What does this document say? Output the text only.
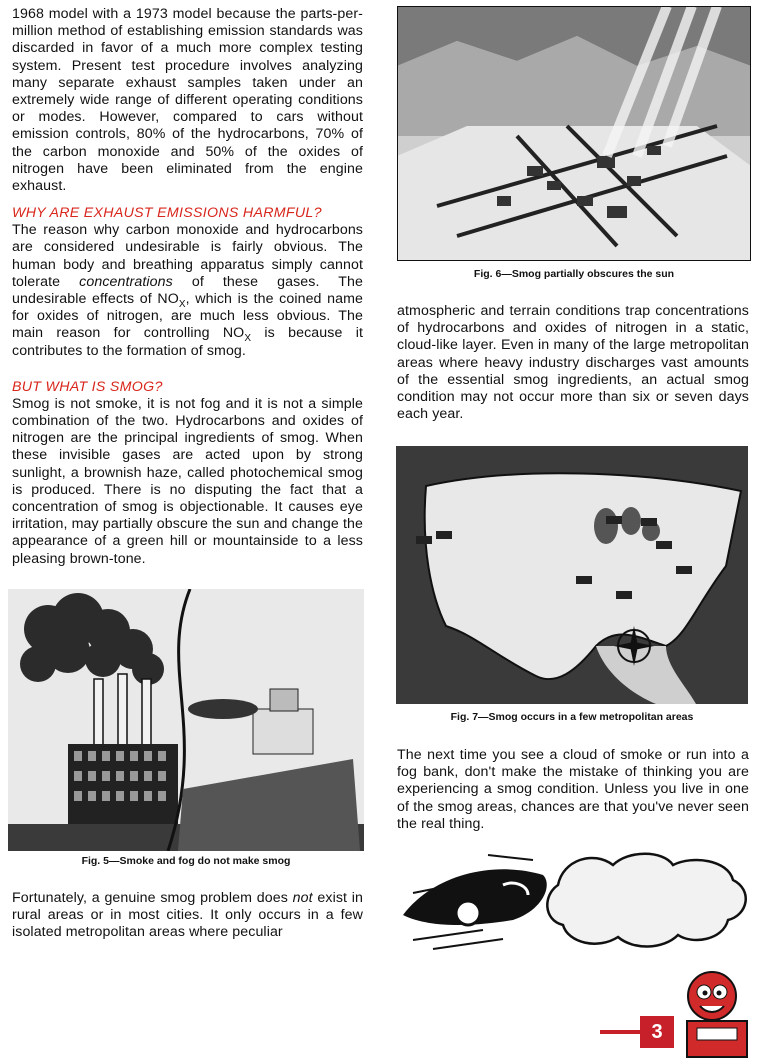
1968 model with a 1973 model because the parts-per-million method of establishing emission standards was discarded in favor of a much more complex testing system. Present test procedure involves analyzing many separate exhaust samples taken under an extremely wide range of different operating conditions or modes. However, compared to cars without emission controls, 80% of the hydrocarbons, 70% of the carbon monoxide and 50% of the oxides of nitrogen have been eliminated from the engine exhaust.

WHY ARE EXHAUST EMISSIONS HARMFUL?

The reason why carbon monoxide and hydrocarbons are considered undesirable is fairly obvious. The human body and breathing apparatus simply cannot tolerate concentrations of these gases. The undesirable effects of $NO_X$, which is the coined name for oxides of nitrogen, are much less obvious. The main reason for controlling $NO_X$ is because it contributes to the formation of smog.

BUT WHAT IS SMOG?

Smog is not smoke, it is not fog and it is not a simple combination of the two. Hydrocarbons and oxides of nitrogen are the principal ingredients of smog. When these invisible gases are acted upon by strong sunlight, a brownish haze, called photochemical smog is produced. There is no disputing the fact that a concentration of smog is objectionable. It causes eye irritation, may partially obscure the sun and change the appearance of a green hill or mountainside to a less pleasing brown-tone.

Fig. 5—Smoke and fog do not make smog

Fortunately, a genuine smog problem does not exist in rural areas or in most cities. It only occurs in a few isolated metropolitan areas where peculiar

Fig. 6—Smog partially obscures the sun

atmospheric and terrain conditions trap concentrations of hydrocarbons and oxides of nitrogen in a static, cloud-like layer. Even in many of the large metropolitan areas where heavy industry discharges vast amounts of the essential smog ingredients, an actual smog condition may not occur more than six or seven days each year.

Fig. 7—Smog occurs in a few metropolitan areas

The next time you see a cloud of smoke or run into a fog bank, don't make the mistake of thinking you are experiencing a smog condition. Unless you live in one of the smog areas, chances are that you've never seen the real thing.

3
